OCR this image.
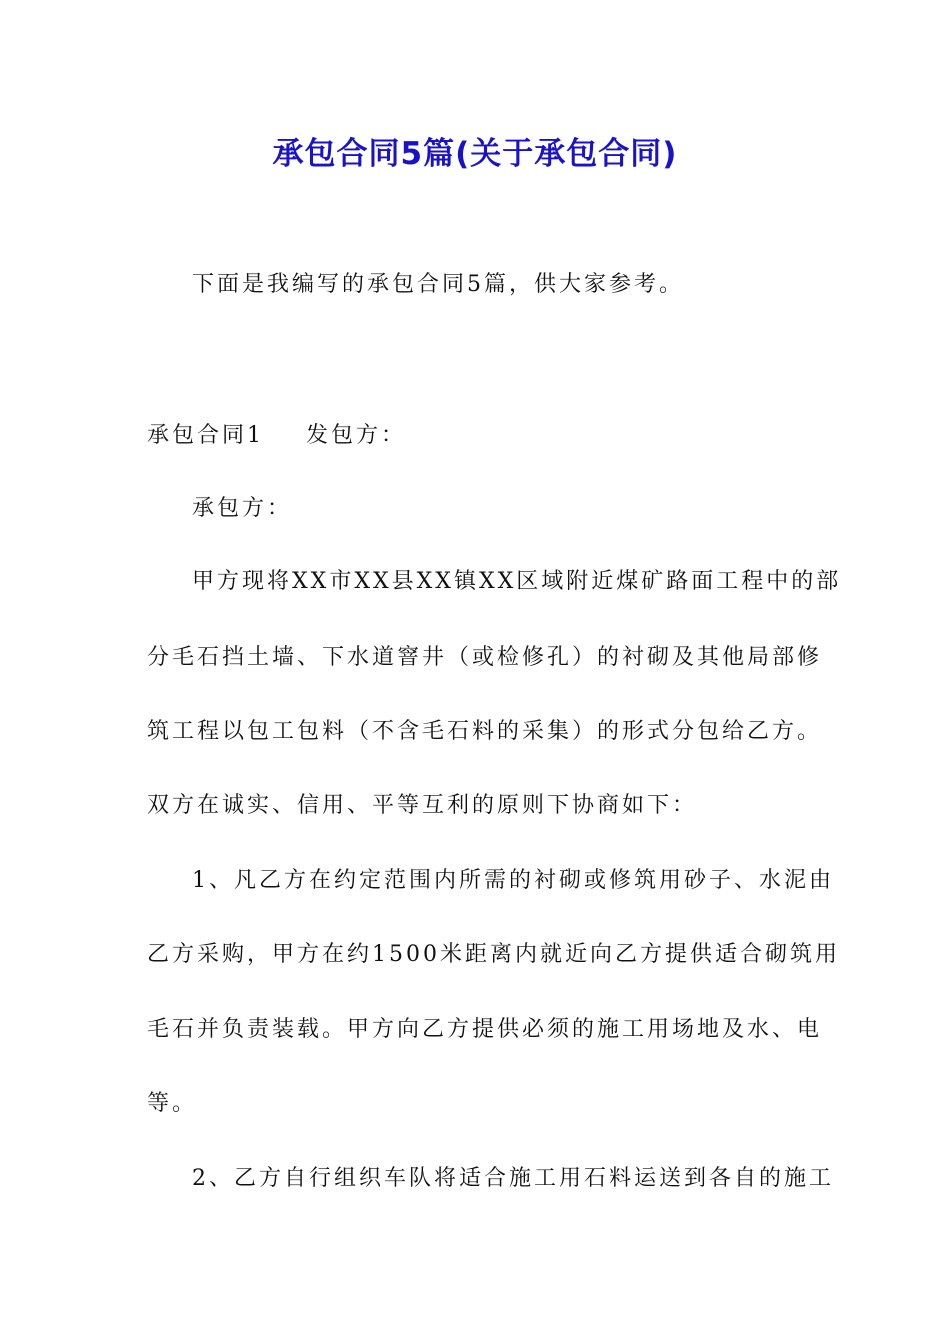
承包合同5篇(关于承包合同)
下面是我编写的承包合同5篇，供大家参考。
承包合同1 发包方：
承包方：
甲方现将XX市XX县XX镇XX区域附近煤矿路面工程中的部
分毛石挡土墙、下水道窨井（或检修孔）的衬砌及其他局部修
筑工程以包工包料（不含毛石料的采集）的形式分包给乙方。
双方在诚实、信用、平等互利的原则下协商如下：
1、凡乙方在约定范围内所需的衬砌或修筑用砂子、水泥由
乙方采购，甲方在约1500米距离内就近向乙方提供适合砌筑用
毛石并负责装载。甲方向乙方提供必须的施工用场地及水、电
等。
2、乙方自行组织车队将适合施工用石料运送到各自的施工
